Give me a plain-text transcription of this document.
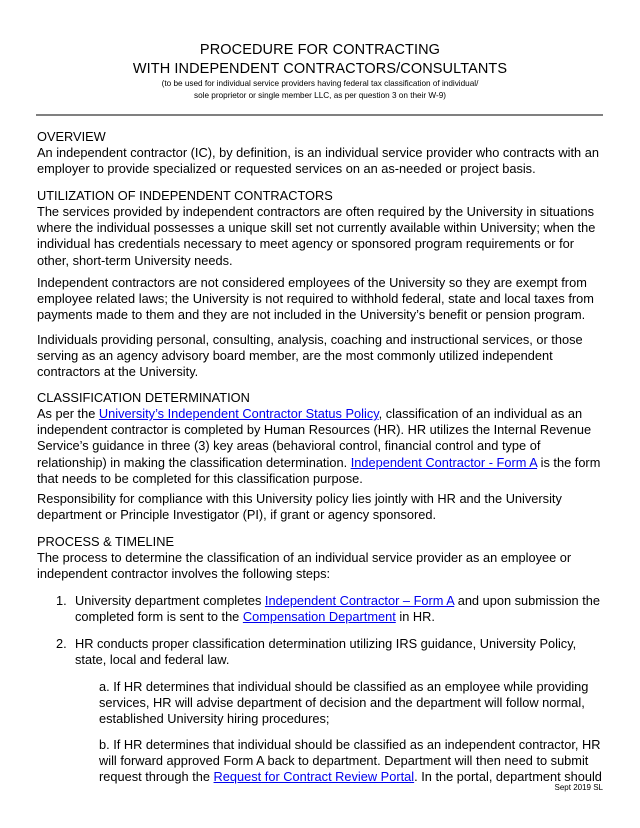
PROCEDURE FOR CONTRACTING
WITH INDEPENDENT CONTRACTORS/CONSULTANTS
(to be used for individual service providers having federal tax classification of individual/
sole proprietor or single member LLC, as per question 3 on their W-9)
OVERVIEW
An independent contractor (IC), by definition, is an individual service provider who contracts with an employer to provide specialized or requested services on an as-needed or project basis.
UTILIZATION OF INDEPENDENT CONTRACTORS
The services provided by independent contractors are often required by the University in situations where the individual possesses a unique skill set not currently available within University; when the individual has credentials necessary to meet agency or sponsored program requirements or for other, short-term University needs.
Independent contractors are not considered employees of the University so they are exempt from employee related laws; the University is not required to withhold federal, state and local taxes from payments made to them and they are not included in the University’s benefit or pension program.
Individuals providing personal, consulting, analysis, coaching and instructional services, or those serving as an agency advisory board member, are the most commonly utilized independent contractors at the University.
CLASSIFICATION DETERMINATION
As per the University’s Independent Contractor Status Policy, classification of an individual as an independent contractor is completed by Human Resources (HR). HR utilizes the Internal Revenue Service’s guidance in three (3) key areas (behavioral control, financial control and type of relationship) in making the classification determination. Independent Contractor - Form A is the form that needs to be completed for this classification purpose.
Responsibility for compliance with this University policy lies jointly with HR and the University department or Principle Investigator (PI), if grant or agency sponsored.
PROCESS & TIMELINE
The process to determine the classification of an individual service provider as an employee or independent contractor involves the following steps:
1. University department completes Independent Contractor – Form A and upon submission the completed form is sent to the Compensation Department in HR.
2. HR conducts proper classification determination utilizing IRS guidance, University Policy, state, local and federal law.
a. If HR determines that individual should be classified as an employee while providing services, HR will advise department of decision and the department will follow normal, established University hiring procedures;
b. If HR determines that individual should be classified as an independent contractor, HR will forward approved Form A back to department. Department will then need to submit request through the Request for Contract Review Portal. In the portal, department should
Sept 2019 SL
